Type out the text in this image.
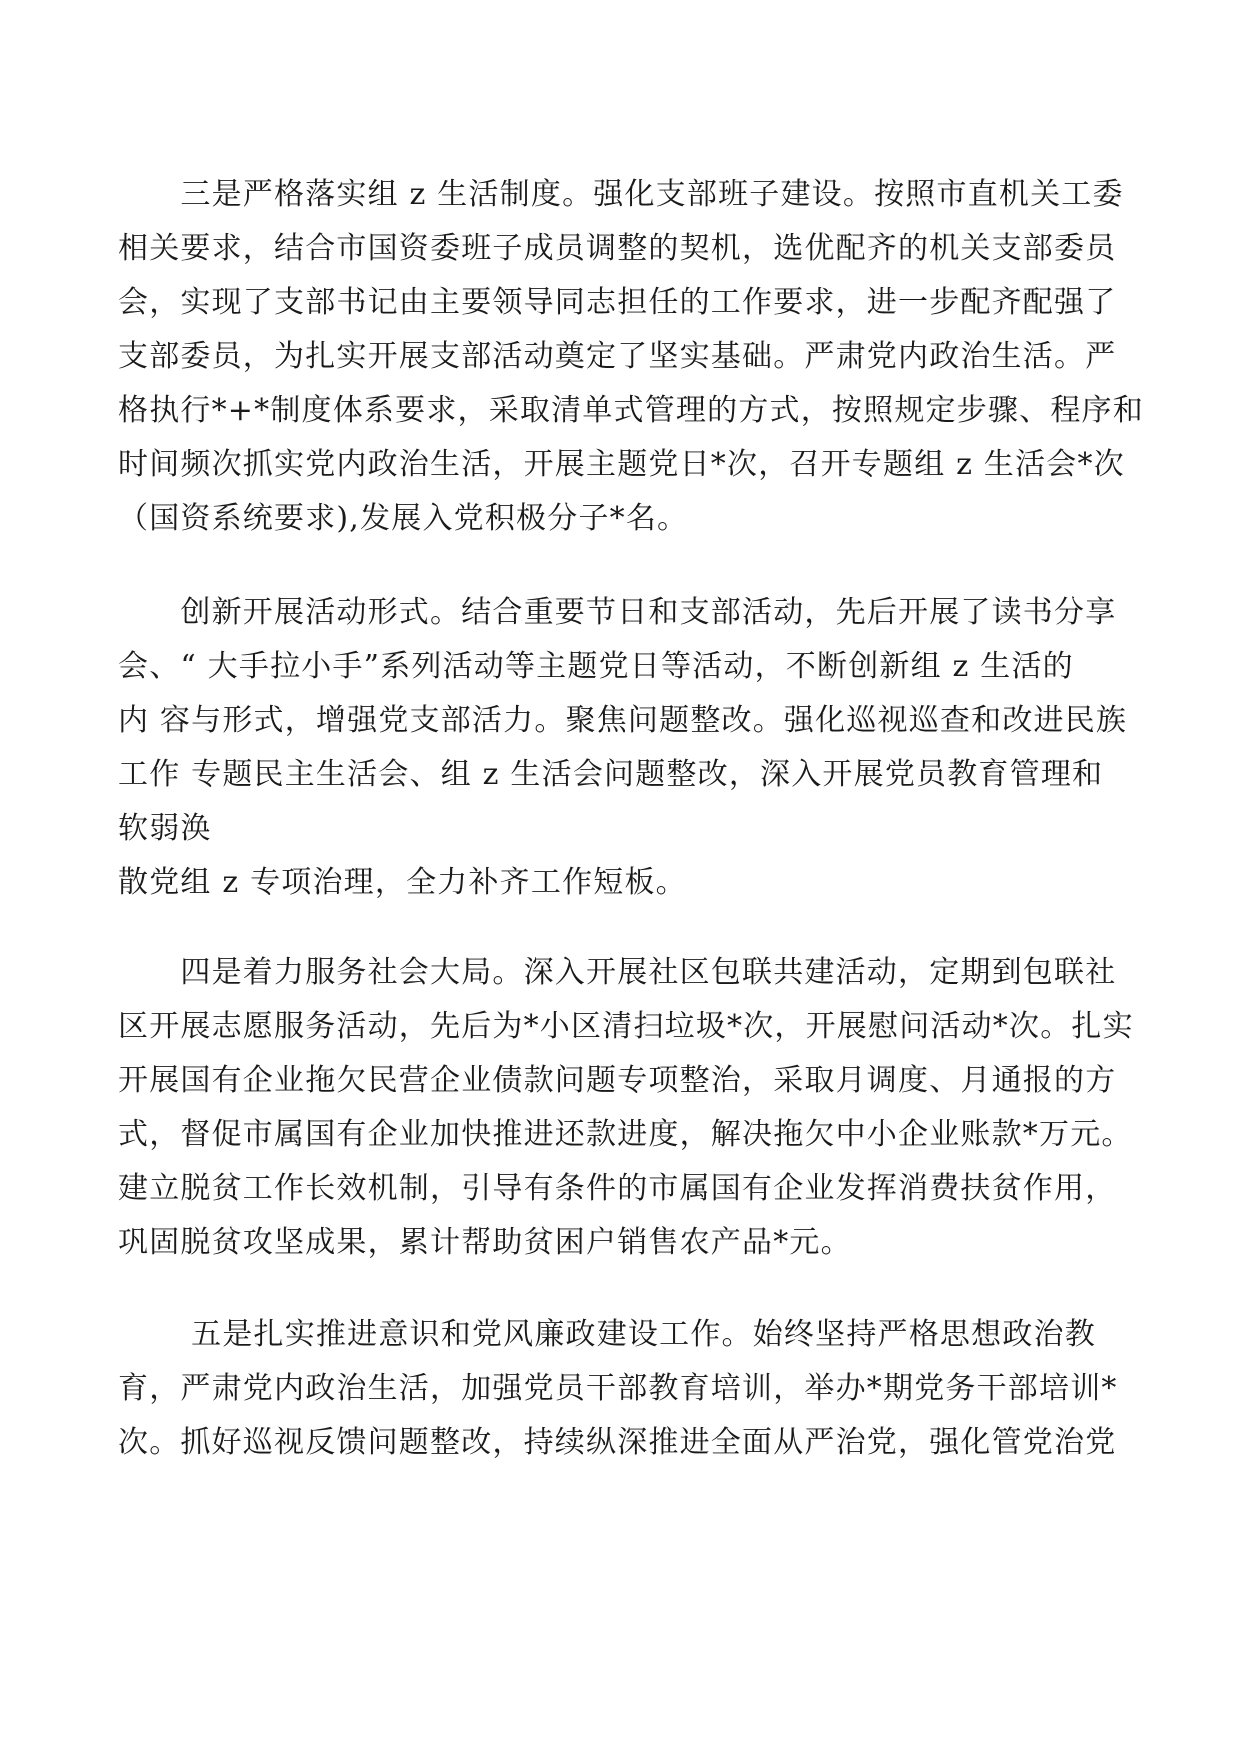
　　三是严格落实组 z 生活制度。强化支部班子建设。按照市直机关工委
相关要求，结合市国资委班子成员调整的契机，选优配齐的机关支部委员
会，实现了支部书记由主要领导同志担任的工作要求，进一步配齐配强了
支部委员，为扎实开展支部活动奠定了坚实基础。严肃党内政治生活。严
格执行*+*制度体系要求，采取清单式管理的方式，按照规定步骤、程序和
时间频次抓实党内政治生活，开展主题党日*次，召开专题组 z 生活会*次
（国资系统要求),发展入党积极分子*名。

　　创新开展活动形式。结合重要节日和支部活动，先后开展了读书分享
会、“ 大手拉小手”系列活动等主题党日等活动，不断创新组 z 生活的
内 容与形式，增强党支部活力。聚焦问题整改。强化巡视巡查和改进民族
工作 专题民主生活会、组 z 生活会问题整改，深入开展党员教育管理和
软弱涣
散党组 z 专项治理，全力补齐工作短板。

　　四是着力服务社会大局。深入开展社区包联共建活动，定期到包联社
区开展志愿服务活动，先后为*小区清扫垃圾*次，开展慰问活动*次。扎实
开展国有企业拖欠民营企业债款问题专项整治，采取月调度、月通报的方
式，督促市属国有企业加快推进还款进度，解决拖欠中小企业账款*万元。
建立脱贫工作长效机制，引导有条件的市属国有企业发挥消费扶贫作用，
巩固脱贫攻坚成果，累计帮助贫困户销售农产品*元。

　　 五是扎实推进意识和党风廉政建设工作。始终坚持严格思想政治教
育，严肃党内政治生活，加强党员干部教育培训，举办*期党务干部培训*
次。抓好巡视反馈问题整改，持续纵深推进全面从严治党，强化管党治党
